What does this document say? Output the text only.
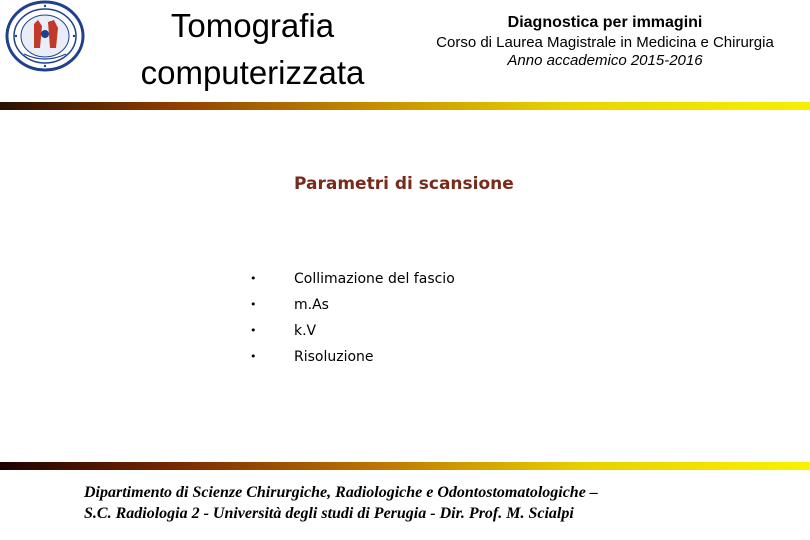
Tomografia
computerizzata
Diagnostica per immagini
Corso di Laurea Magistrale in Medicina e Chirurgia
Anno accademico 2015-2016
Parametri di scansione
•	Collimazione del fascio
•	m.As
•	k.V
•	Risoluzione
Dipartimento di Scienze Chirurgiche, Radiologiche e Odontostomatologiche –
S.C. Radiologia 2 - Università degli studi di Perugia - Dir. Prof. M. Scialpi
